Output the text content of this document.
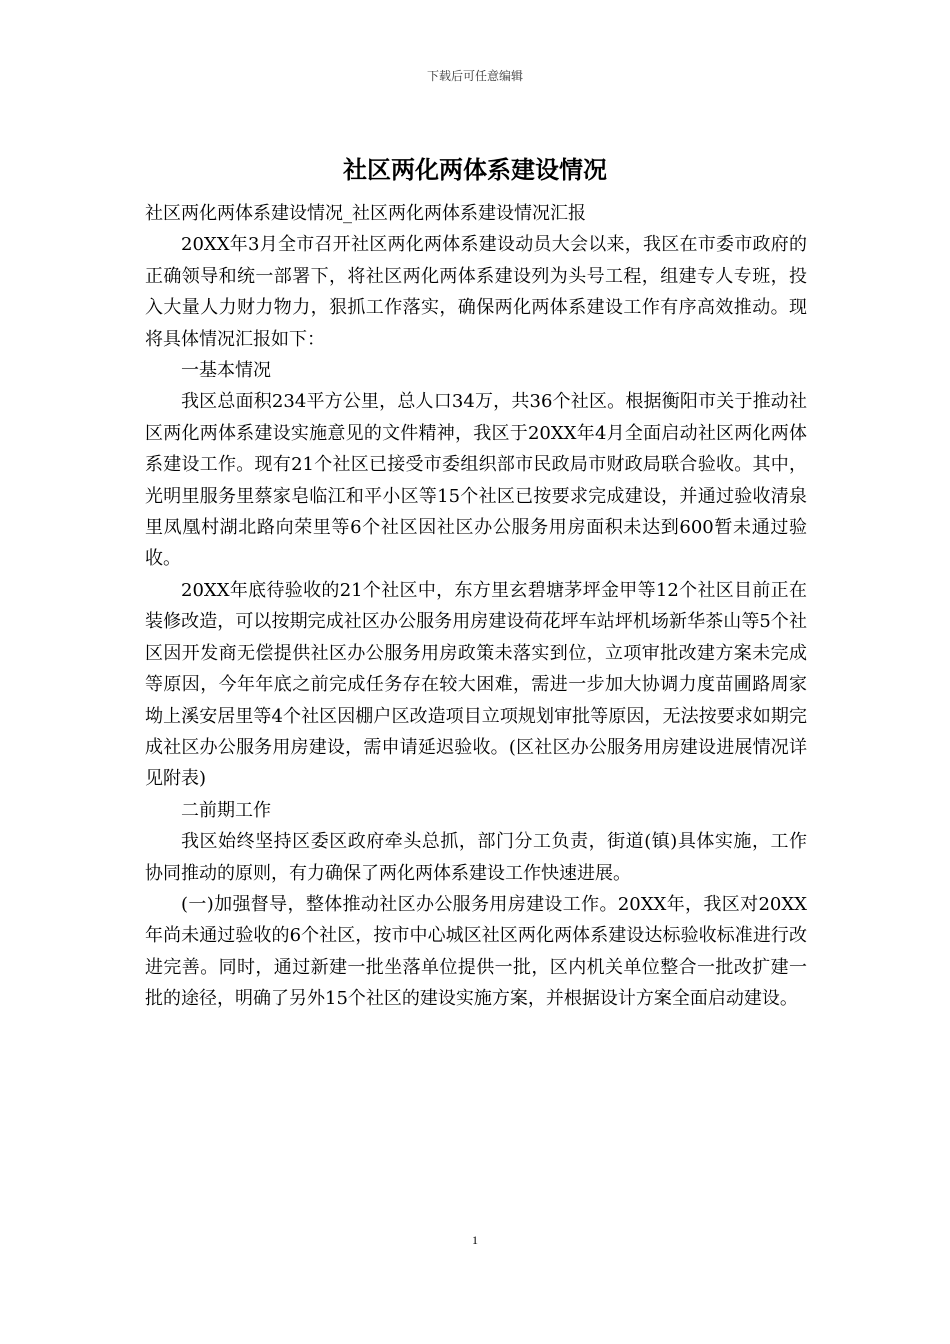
下载后可任意编辑
社区两化两体系建设情况

社区两化两体系建设情况_社区两化两体系建设情况汇报

20XX年3月全市召开社区两化两体系建设动员大会以来，我区在市委市政府的正确领导和统一部署下，将社区两化两体系建设列为头号工程，组建专人专班，投入大量人力财力物力，狠抓工作落实，确保两化两体系建设工作有序高效推动。现将具体情况汇报如下：

一基本情况

我区总面积234平方公里，总人口34万，共36个社区。根据衡阳市关于推动社区两化两体系建设实施意见的文件精神，我区于20XX年4月全面启动社区两化两体系建设工作。现有21个社区已接受市委组织部市民政局市财政局联合验收。其中，光明里服务里蔡家皂临江和平小区等15个社区已按要求完成建设，并通过验收清泉里凤凰村湖北路向荣里等6个社区因社区办公服务用房面积未达到600暂未通过验收。

20XX年底待验收的21个社区中，东方里玄碧塘茅坪金甲等12个社区目前正在装修改造，可以按期完成社区办公服务用房建设荷花坪车站坪机场新华茶山等5个社区因开发商无偿提供社区办公服务用房政策未落实到位，立项审批改建方案未完成等原因，今年年底之前完成任务存在较大困难，需进一步加大协调力度苗圃路周家坳上溪安居里等4个社区因棚户区改造项目立项规划审批等原因，无法按要求如期完成社区办公服务用房建设，需申请延迟验收。(区社区办公服务用房建设进展情况详见附表)

二前期工作

我区始终坚持区委区政府牵头总抓，部门分工负责，街道(镇)具体实施，工作协同推动的原则，有力确保了两化两体系建设工作快速进展。

(一)加强督导，整体推动社区办公服务用房建设工作。20XX年，我区对20XX年尚未通过验收的6个社区，按市中心城区社区两化两体系建设达标验收标准进行改进完善。同时，通过新建一批坐落单位提供一批，区内机关单位整合一批改扩建一批的途径，明确了另外15个社区的建设实施方案，并根据设计方案全面启动建设。

1
